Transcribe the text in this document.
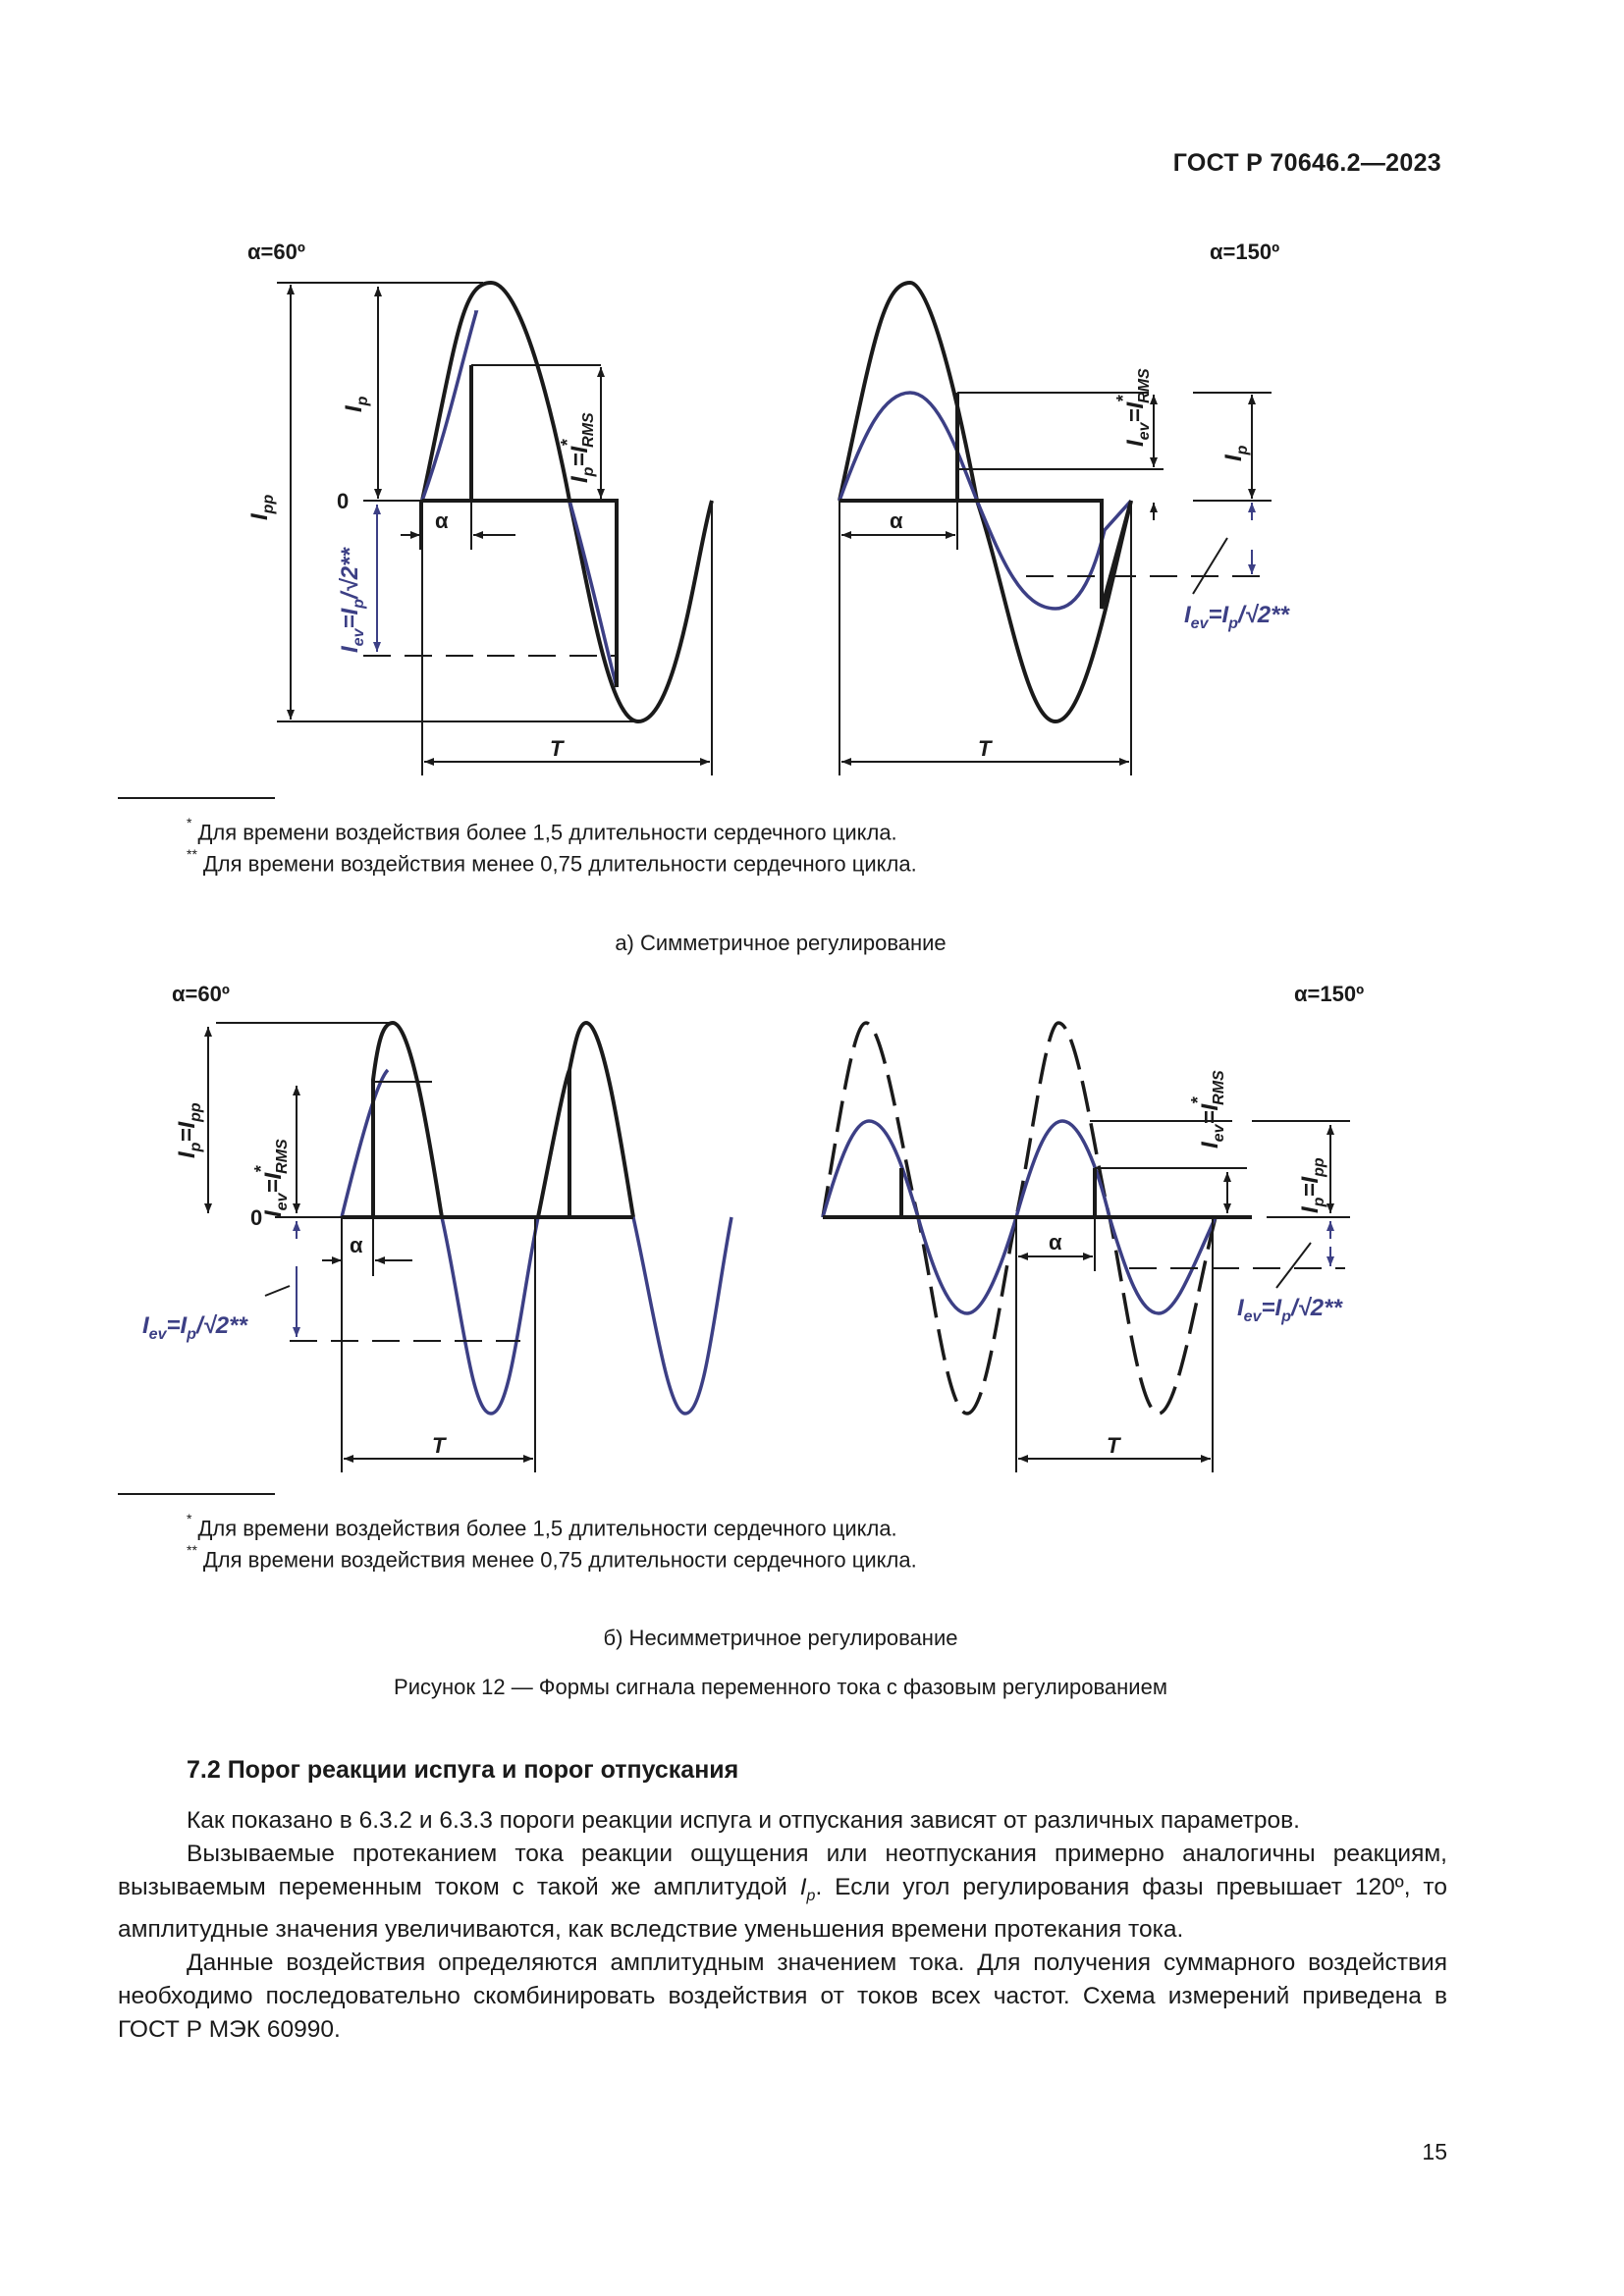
ГОСТ Р 70646.2—2023
α=60º	α=150º
0
α	α
T	T
$I_{pp}$
$I_p$
$I_p=I^*$ RMS
$I_{ev}=I_p/√2**$
$I_{ev}=I^*$ RMS
$I_p$
$I_{ev}=I_p/√2**$
α=60º	α=150º
0
α	α
T	T
$I_p=I_{pp}$
$I_{ev}=I^*$ RMS
$I_{ev}=I_p/√2**$
$I_{ev}=I^*$ RMS
$I_p=I_{pp}$
$I_{ev}=I_p/√2**$
* Для времени воздействия более 1,5 длительности сердечного цикла.
** Для времени воздействия менее 0,75 длительности сердечного цикла.
а) Симметричное регулирование
* Для времени воздействия более 1,5 длительности сердечного цикла.
** Для времени воздействия менее 0,75 длительности сердечного цикла.
б) Несимметричное регулирование
Рисунок 12 — Формы сигнала переменного тока с фазовым регулированием
7.2 Порог реакции испуга и порог отпускания

Как показано в 6.3.2 и 6.3.3 пороги реакции испуга и отпускания зависят от различных параметров.

Вызываемые протеканием тока реакции ощущения или неотпускания примерно аналогичны реакциям, вызываемым переменным током с такой же амплитудой $I_p$. Если угол регулирования фазы превышает 120º, то амплитудные значения увеличиваются, как вследствие уменьшения времени протекания тока.

Данные воздействия определяются амплитудным значением тока. Для получения суммарного воздействия необходимо последовательно скомбинировать воздействия от токов всех частот. Схема измерений приведена в ГОСТ Р МЭК 60990.

15
